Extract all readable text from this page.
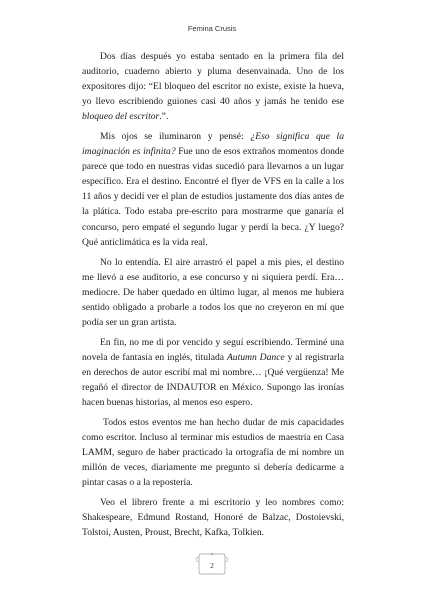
Femina Crusis

Dos días después yo estaba sentado en la primera fila del auditorio, cuaderno abierto y pluma desenvainada. Uno de los expositores dijo: “El bloqueo del escritor no existe, existe la hueva, yo llevo escribiendo guiones casi 40 años y jamás he tenido ese bloqueo del escritor.”.

Mis ojos se iluminaron y pensé: ¿Eso significa que la imaginación es infinita? Fue uno de esos extraños momentos donde parece que todo en nuestras vidas sucedió para llevarnos a un lugar específico. Era el destino. Encontré el flyer de VFS en la calle a los 11 años y decidí ver el plan de estudios justamente dos días antes de la plática. Todo estaba pre-escrito para mostrarme que ganaría el concurso, pero empaté el segundo lugar y perdí la beca. ¿Y luego? Qué anticlimática es la vida real.

No lo entendía. El aire arrastró el papel a mis pies, el destino me llevó a ese auditorio, a ese concurso y ni siquiera perdí. Era… mediocre. De haber quedado en último lugar, al menos me hubiera sentido obligado a probarle a todos los que no creyeron en mí que podía ser un gran artista.

En fin, no me di por vencido y seguí escribiendo. Terminé una novela de fantasía en inglés, titulada Autumn Dance y al registrarla en derechos de autor escribí mal mi nombre… ¡Qué vergüenza! Me regañó el director de INDAUTOR en México. Supongo las ironías hacen buenas historias, al menos eso espero.

Todos estos eventos me han hecho dudar de mis capacidades como escritor. Incluso al terminar mis estudios de maestría en Casa LAMM, seguro de haber practicado la ortografía de mi nombre un millón de veces, diariamente me pregunto si debería dedicarme a pintar casas o a la repostería.

Veo el librero frente a mi escritorio y leo nombres como: Shakespeare, Edmund Rostand, Honoré de Balzac, Dostoievski, Tolstoi, Austen, Proust, Brecht, Kafka, Tolkien.

2
